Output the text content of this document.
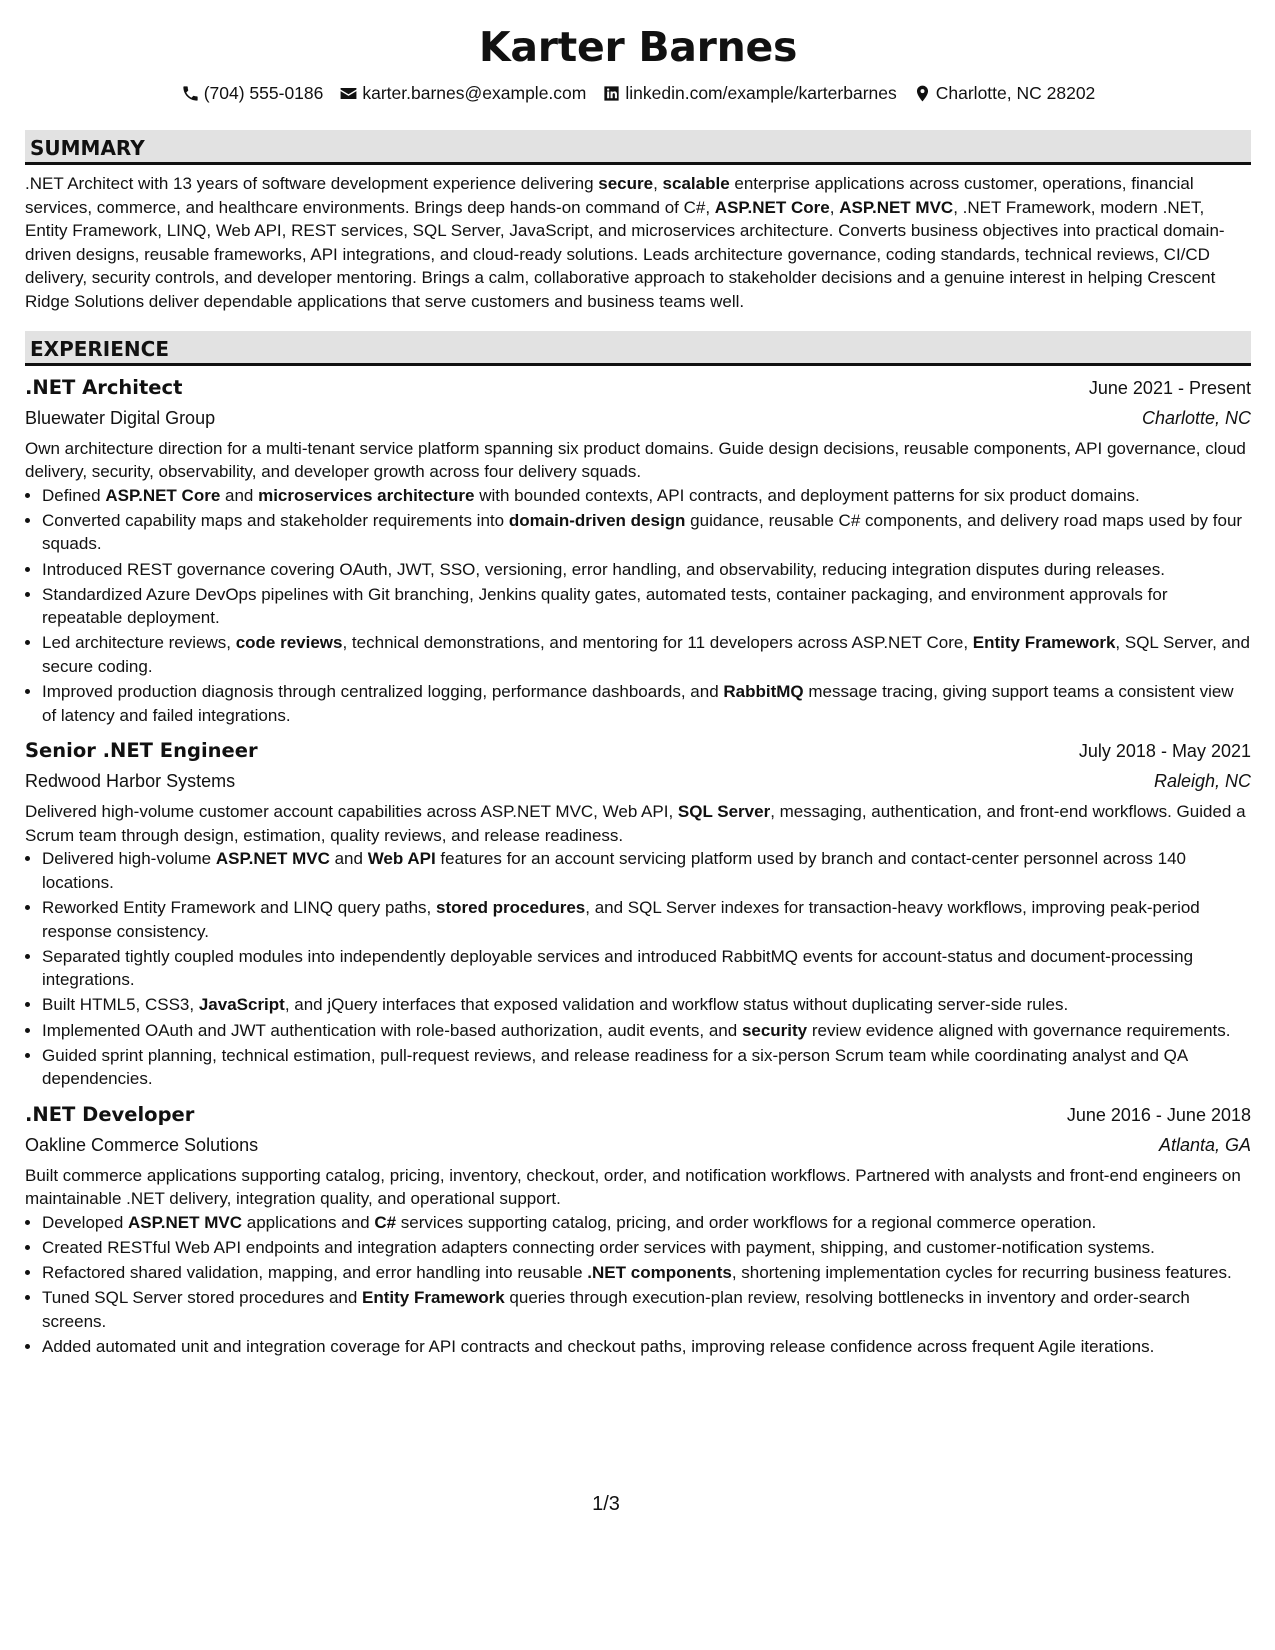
Karter Barnes
(704) 555-0186 karter.barnes@example.com linkedin.com/example/karterbarnes Charlotte, NC 28202
SUMMARY
.NET Architect with 13 years of software development experience delivering secure, scalable enterprise applications across customer, operations, financial services, commerce, and healthcare environments. Brings deep hands-on command of C#, ASP.NET Core, ASP.NET MVC, .NET Framework, modern .NET, Entity Framework, LINQ, Web API, REST services, SQL Server, JavaScript, and microservices architecture. Converts business objectives into practical domain-driven designs, reusable frameworks, API integrations, and cloud-ready solutions. Leads architecture governance, coding standards, technical reviews, CI/CD delivery, security controls, and developer mentoring. Brings a calm, collaborative approach to stakeholder decisions and a genuine interest in helping Crescent Ridge Solutions deliver dependable applications that serve customers and business teams well.
EXPERIENCE
.NET Architect	June 2021 - Present
Bluewater Digital Group	Charlotte, NC
Own architecture direction for a multi-tenant service platform spanning six product domains. Guide design decisions, reusable components, API governance, cloud delivery, security, observability, and developer growth across four delivery squads.
• Defined ASP.NET Core and microservices architecture with bounded contexts, API contracts, and deployment patterns for six product domains.
• Converted capability maps and stakeholder requirements into domain-driven design guidance, reusable C# components, and delivery road maps used by four squads.
• Introduced REST governance covering OAuth, JWT, SSO, versioning, error handling, and observability, reducing integration disputes during releases.
• Standardized Azure DevOps pipelines with Git branching, Jenkins quality gates, automated tests, container packaging, and environment approvals for repeatable deployment.
• Led architecture reviews, code reviews, technical demonstrations, and mentoring for 11 developers across ASP.NET Core, Entity Framework, SQL Server, and secure coding.
• Improved production diagnosis through centralized logging, performance dashboards, and RabbitMQ message tracing, giving support teams a consistent view of latency and failed integrations.
Senior .NET Engineer	July 2018 - May 2021
Redwood Harbor Systems	Raleigh, NC
Delivered high-volume customer account capabilities across ASP.NET MVC, Web API, SQL Server, messaging, authentication, and front-end workflows. Guided a Scrum team through design, estimation, quality reviews, and release readiness.
• Delivered high-volume ASP.NET MVC and Web API features for an account servicing platform used by branch and contact-center personnel across 140 locations.
• Reworked Entity Framework and LINQ query paths, stored procedures, and SQL Server indexes for transaction-heavy workflows, improving peak-period response consistency.
• Separated tightly coupled modules into independently deployable services and introduced RabbitMQ events for account-status and document-processing integrations.
• Built HTML5, CSS3, JavaScript, and jQuery interfaces that exposed validation and workflow status without duplicating server-side rules.
• Implemented OAuth and JWT authentication with role-based authorization, audit events, and security review evidence aligned with governance requirements.
• Guided sprint planning, technical estimation, pull-request reviews, and release readiness for a six-person Scrum team while coordinating analyst and QA dependencies.
.NET Developer	June 2016 - June 2018
Oakline Commerce Solutions	Atlanta, GA
Built commerce applications supporting catalog, pricing, inventory, checkout, order, and notification workflows. Partnered with analysts and front-end engineers on maintainable .NET delivery, integration quality, and operational support.
• Developed ASP.NET MVC applications and C# services supporting catalog, pricing, and order workflows for a regional commerce operation.
• Created RESTful Web API endpoints and integration adapters connecting order services with payment, shipping, and customer-notification systems.
• Refactored shared validation, mapping, and error handling into reusable .NET components, shortening implementation cycles for recurring business features.
• Tuned SQL Server stored procedures and Entity Framework queries through execution-plan review, resolving bottlenecks in inventory and order-search screens.
• Added automated unit and integration coverage for API contracts and checkout paths, improving release confidence across frequent Agile iterations.
1/3
